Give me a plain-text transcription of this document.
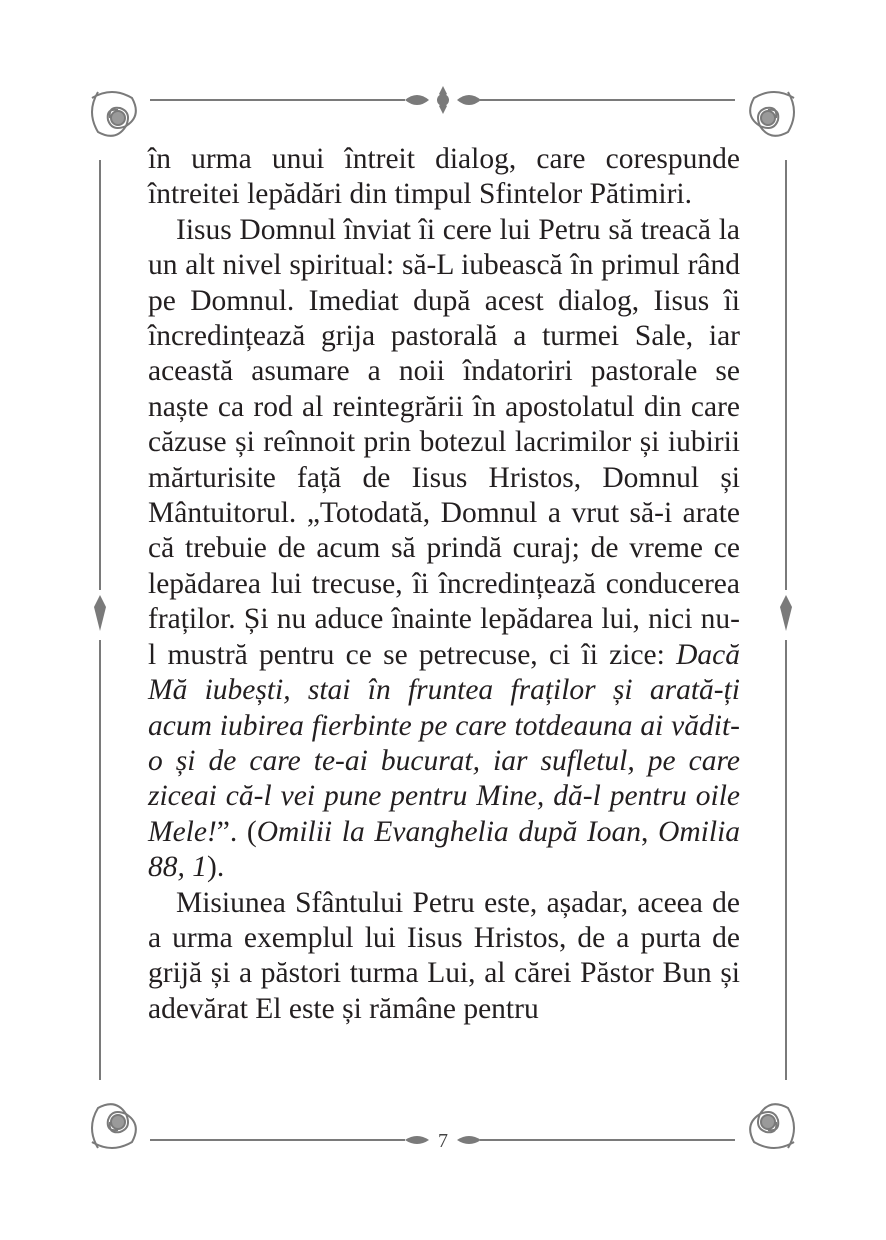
în urma unui întreit dialog, care corespunde întreitei lepădări din timpul Sfintelor Pătimiri.

Iisus Domnul înviat îi cere lui Petru să treacă la un alt nivel spiritual: să-L iubească în primul rând pe Domnul. Imediat după acest dialog, Iisus îi încredințează grija pastorală a turmei Sale, iar această asumare a noii îndatoriri pastorale se naște ca rod al reintegrării în apostolatul din care căzuse și reînnoit prin botezul lacrimilor și iubirii mărturisite față de Iisus Hristos, Domnul și Mântuitorul. „Totodată, Domnul a vrut să-i arate că trebuie de acum să prindă curaj; de vreme ce lepădarea lui trecuse, îi încredințează conducerea fraților. Și nu aduce înainte lepădarea lui, nici nu-l mustră pentru ce se petrecuse, ci îi zice: Dacă Mă iubești, stai în fruntea fraților și arată-ți acum iubirea fierbinte pe care totdeauna ai vădit-o și de care te-ai bucurat, iar sufletul, pe care ziceai că-l vei pune pentru Mine, dă-l pentru oile Mele!”. (Omilii la Evanghelia după Ioan, Omilia 88, 1).

Misiunea Sfântului Petru este, așadar, aceea de a urma exemplul lui Iisus Hristos, de a purta de grijă și a păstori turma Lui, al cărei Păstor Bun și adevărat El este și rămâne pentru

7
